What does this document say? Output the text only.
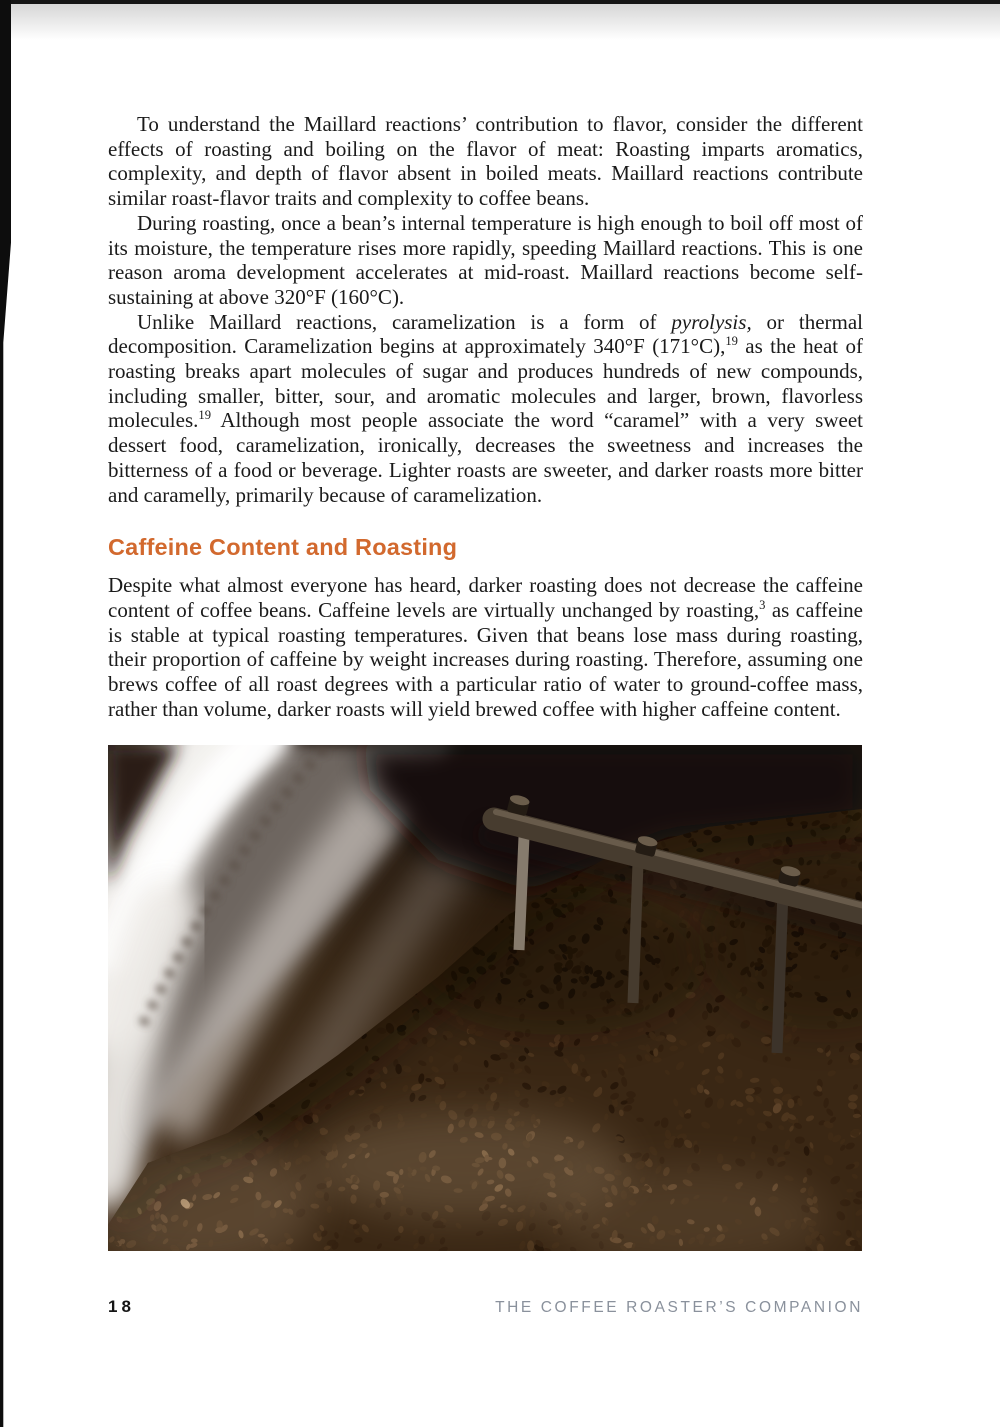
To understand the Maillard reactions’ contribution to flavor, consider the different effects of roasting and boiling on the flavor of meat: Roasting imparts aromatics, complexity, and depth of flavor absent in boiled meats. Maillard reactions contribute similar roast-flavor traits and complexity to coffee beans.

During roasting, once a bean’s internal temperature is high enough to boil off most of its moisture, the temperature rises more rapidly, speeding Maillard reactions. This is one reason aroma development accelerates at mid-roast. Maillard reactions become self-sustaining at above 320°F (160°C).

Unlike Maillard reactions, caramelization is a form of pyrolysis, or thermal decomposition. Caramelization begins at approximately 340°F (171°C),$^{19}$ as the heat of roasting breaks apart molecules of sugar and produces hundreds of new compounds, including smaller, bitter, sour, and aromatic molecules and larger, brown, flavorless molecules.$^{19}$ Although most people associate the word “caramel” with a very sweet dessert food, caramelization, ironically, decreases the sweetness and increases the bitterness of a food or beverage. Lighter roasts are sweeter, and darker roasts more bitter and caramelly, primarily because of caramelization.

Caffeine Content and Roasting

Despite what almost everyone has heard, darker roasting does not decrease the caffeine content of coffee beans. Caffeine levels are virtually unchanged by roasting,$^3$ as caffeine is stable at typical roasting temperatures. Given that beans lose mass during roasting, their proportion of caffeine by weight increases during roasting. Therefore, assuming one brews coffee of all roast degrees with a particular ratio of water to ground-coffee mass, rather than volume, darker roasts will yield brewed coffee with higher caffeine content.

18	THE COFFEE ROASTER’S COMPANION
